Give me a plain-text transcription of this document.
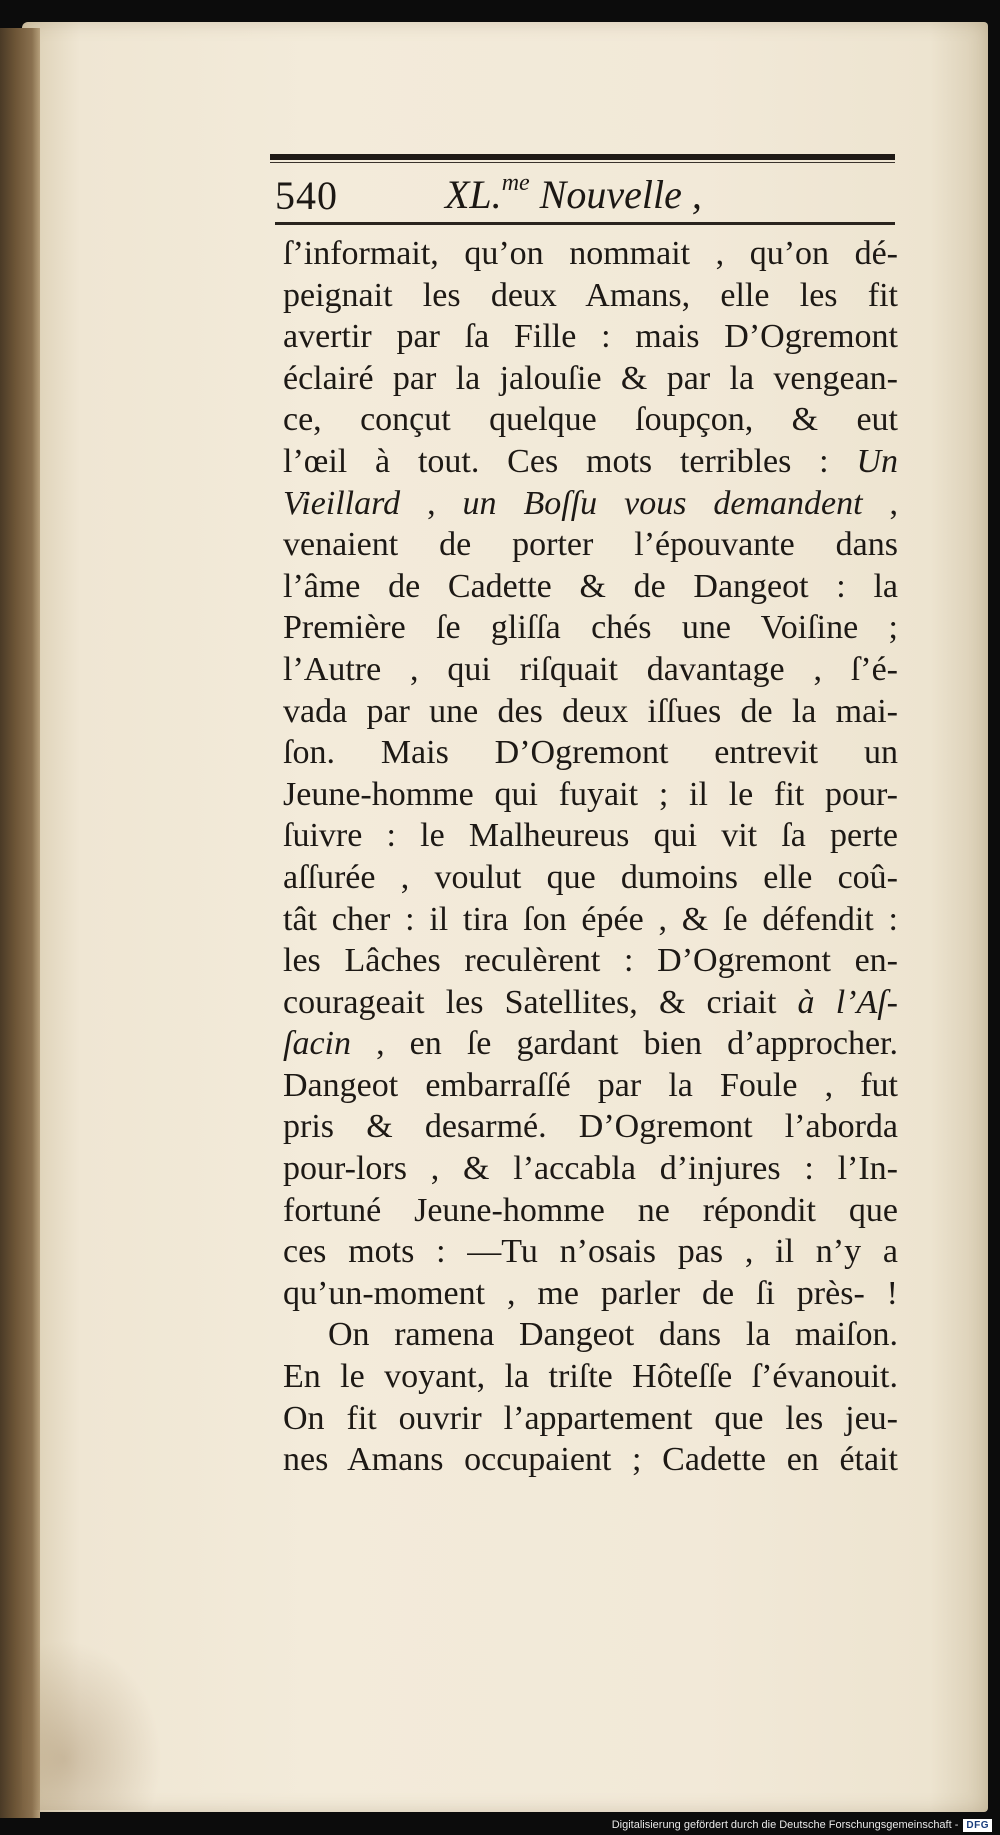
540	XL.$^{me}$ Nouvelle ,
ſ’informait, qu’on nommait , qu’on dé-
peignait les deux Amans, elle les fit
avertir par ſa Fille : mais D’Ogremont
éclairé par la jalouſie & par la vengean-
ce, conçut quelque ſoupçon, & eut
l’œil à tout. Ces mots terribles : Un
Vieillard , un Boſſu vous demandent ,
venaient de porter l’épouvante dans
l’âme de Cadette & de Dangeot : la
Première ſe gliſſa chés une Voiſine ;
l’Autre , qui riſquait davantage , ſ’é-
vada par une des deux iſſues de la mai-
ſon. Mais D’Ogremont entrevit un
Jeune-homme qui fuyait ; il le fit pour-
ſuivre : le Malheureus qui vit ſa perte
aſſurée , voulut que dumoins elle coû-
tât cher : il tira ſon épée , & ſe défendit :
les Lâches reculèrent : D’Ogremont en-
courageait les Satellites, & criait à l’Aſ-
ſacin , en ſe gardant bien d’approcher.
Dangeot embarraſſé par la Foule , fut
pris & desarmé. D’Ogremont l’aborda
pour-lors , & l’accabla d’injures : l’In-
fortuné Jeune-homme ne répondit que
ces mots : —Tu n’osais pas , il n’y a
qu’un-moment , me parler de ſi près- !
On ramena Dangeot dans la maiſon.
En le voyant, la triſte Hôteſſe ſ’évanouit.
On fit ouvrir l’appartement que les jeu-
nes Amans occupaient ; Cadette en était
Digitalisierung gefördert durch die Deutsche Forschungsgemeinschaft - DFG
